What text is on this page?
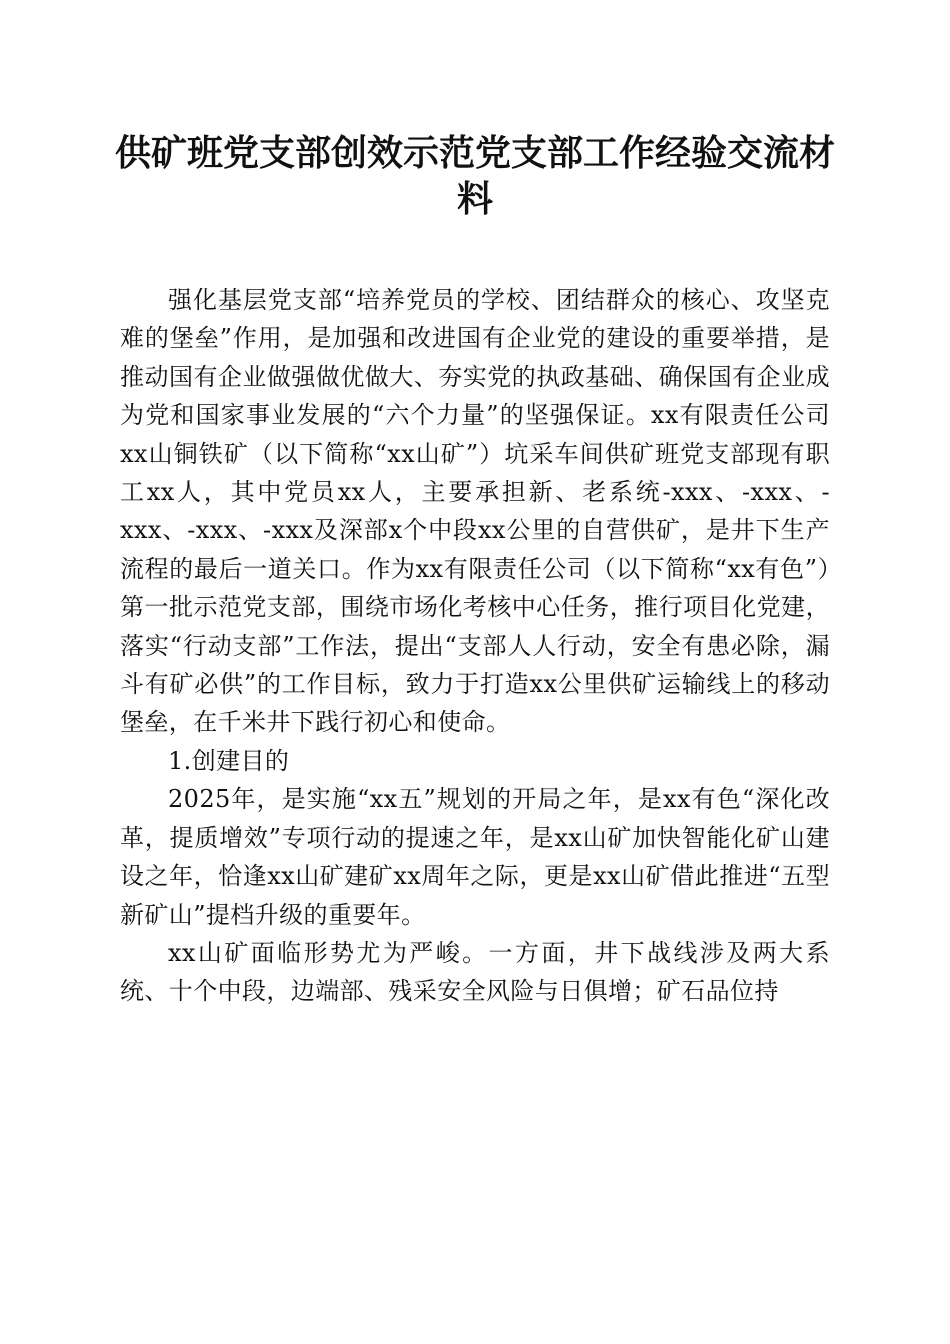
供矿班党支部创效示范党支部工作经验交流材料

强化基层党支部“培养党员的学校、团结群众的核心、攻坚克难的堡垒”作用，是加强和改进国有企业党的建设的重要举措，是推动国有企业做强做优做大、夯实党的执政基础、确保国有企业成为党和国家事业发展的“六个力量”的坚强保证。xx有限责任公司xx山铜铁矿（以下简称“xx山矿”）坑采车间供矿班党支部现有职工xx人，其中党员xx人，主要承担新、老系统-xxx、-xxx、-xxx、-xxx、-xxx及深部x个中段xx公里的自营供矿，是井下生产流程的最后一道关口。作为xx有限责任公司（以下简称“xx有色”）第一批示范党支部，围绕市场化考核中心任务，推行项目化党建，落实“行动支部”工作法，提出“支部人人行动，安全有患必除，漏斗有矿必供”的工作目标，致力于打造xx公里供矿运输线上的移动堡垒，在千米井下践行初心和使命。

1.创建目的

2025年，是实施“xx五”规划的开局之年，是xx有色“深化改革，提质增效”专项行动的提速之年，是xx山矿加快智能化矿山建设之年，恰逢xx山矿建矿xx周年之际，更是xx山矿借此推进“五型新矿山”提档升级的重要年。

xx山矿面临形势尤为严峻。一方面，井下战线涉及两大系统、十个中段，边端部、残采安全风险与日俱增；矿石品位持
